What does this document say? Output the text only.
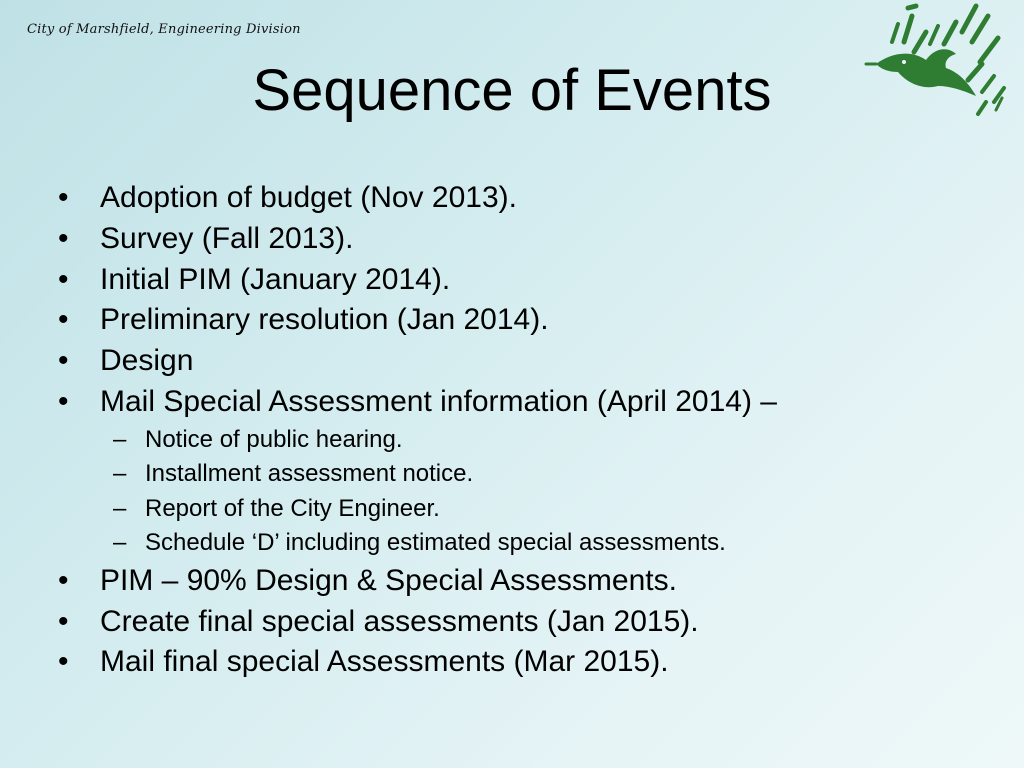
City of Marshfield, Engineering Division
Sequence of Events
• Adoption of budget (Nov 2013).
• Survey (Fall 2013).
• Initial PIM (January 2014).
• Preliminary resolution (Jan 2014).
• Design
• Mail Special Assessment information (April 2014) –
– Notice of public hearing.
– Installment assessment notice.
– Report of the City Engineer.
– Schedule ‘D’ including estimated special assessments.
• PIM – 90% Design & Special Assessments.
• Create final special assessments (Jan 2015).
• Mail final special Assessments (Mar 2015).
